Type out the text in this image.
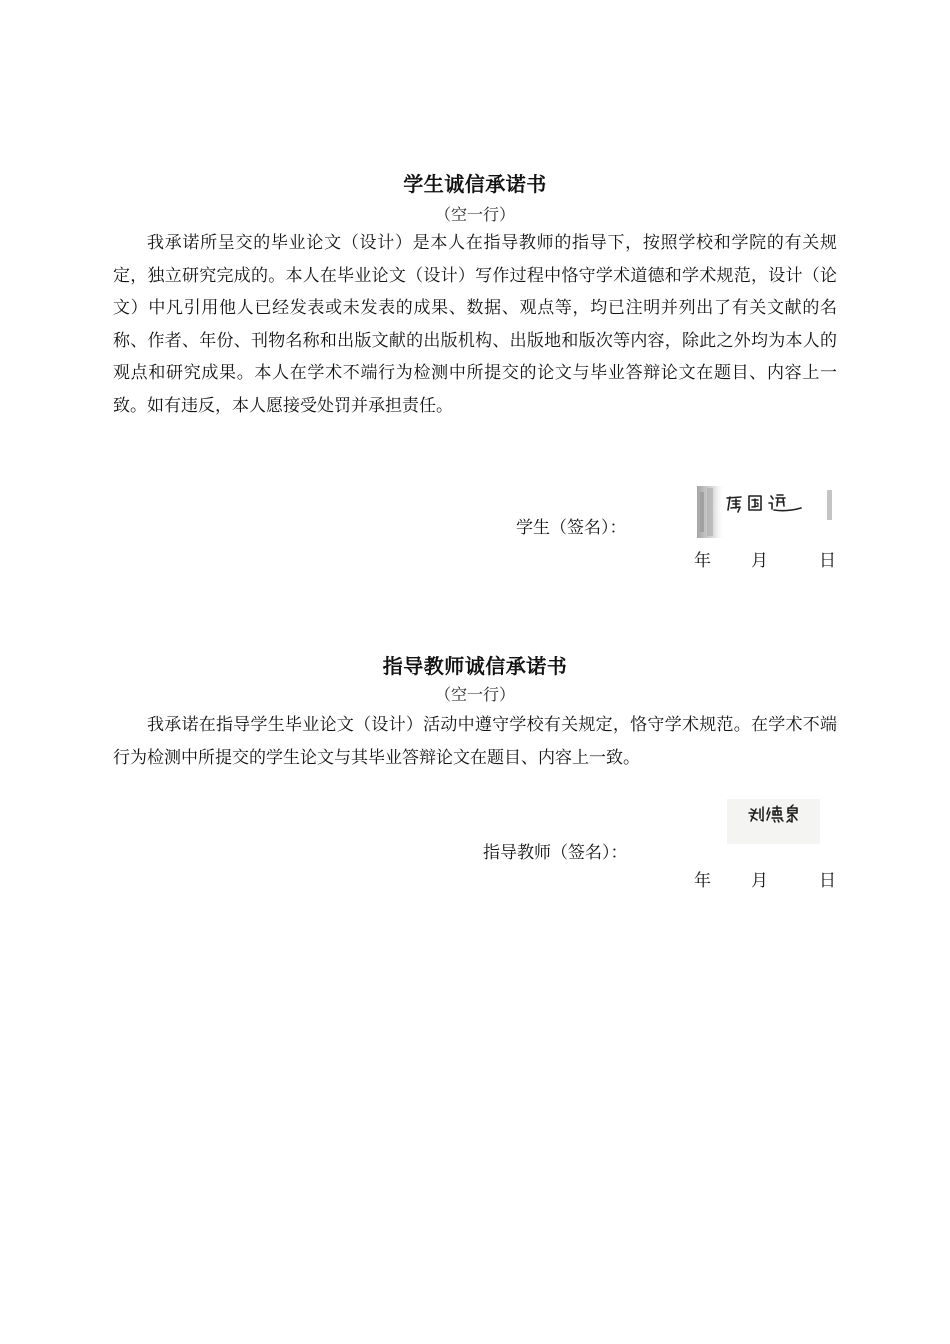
学生诚信承诺书
（空一行）

我承诺所呈交的毕业论文（设计）是本人在指导教师的指导下，按照学校和学院的有关规定，独立研究完成的。本人在毕业论文（设计）写作过程中恪守学术道德和学术规范，设计（论文）中凡引用他人已经发表或未发表的成果、数据、观点等，均已注明并列出了有关文献的名称、作者、年份、刊物名称和出版文献的出版机构、出版地和版次等内容，除此之外均为本人的观点和研究成果。本人在学术不端行为检测中所提交的论文与毕业答辩论文在题目、内容上一致。如有违反，本人愿接受处罚并承担责任。

学生（签名）：
年 月	日
指导教师诚信承诺书
（空一行）

我承诺在指导学生毕业论文（设计）活动中遵守学校有关规定，恪守学术规范。在学术不端行为检测中所提交的学生论文与其毕业答辩论文在题目、内容上一致。

指导教师（签名）：
年 月	日
